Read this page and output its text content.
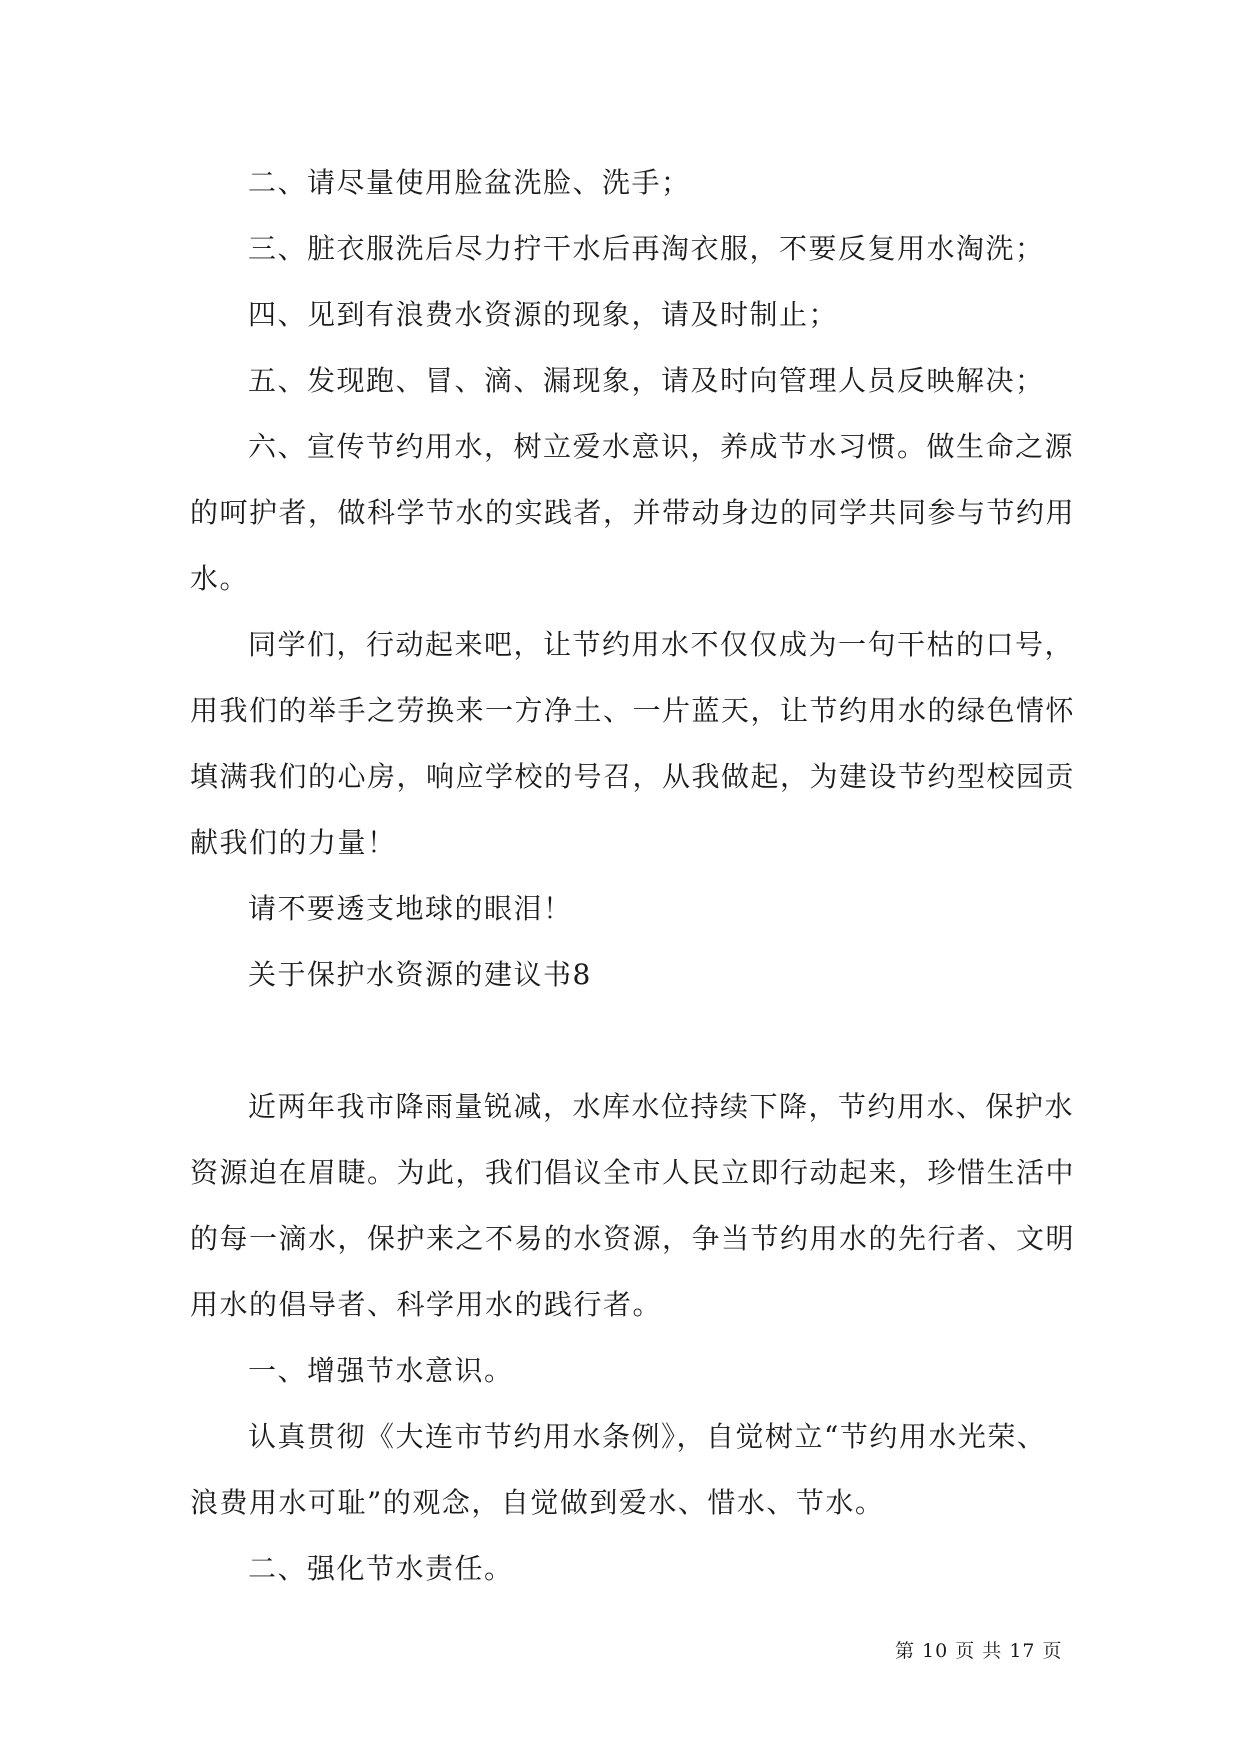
二、请尽量使用脸盆洗脸、洗手；
三、脏衣服洗后尽力拧干水后再淘衣服，不要反复用水淘洗；
四、见到有浪费水资源的现象，请及时制止；
五、发现跑、冒、滴、漏现象，请及时向管理人员反映解决；
六、宣传节约用水，树立爱水意识，养成节水习惯。做生命之源
的呵护者，做科学节水的实践者，并带动身边的同学共同参与节约用
水。
同学们，行动起来吧，让节约用水不仅仅成为一句干枯的口号，
用我们的举手之劳换来一方净土、一片蓝天，让节约用水的绿色情怀
填满我们的心房，响应学校的号召，从我做起，为建设节约型校园贡
献我们的力量！
请不要透支地球的眼泪！
关于保护水资源的建议书8
近两年我市降雨量锐减，水库水位持续下降，节约用水、保护水
资源迫在眉睫。为此，我们倡议全市人民立即行动起来，珍惜生活中
的每一滴水，保护来之不易的水资源，争当节约用水的先行者、文明
用水的倡导者、科学用水的践行者。
一、增强节水意识。
认真贯彻《大连市节约用水条例》，自觉树立“节约用水光荣、
浪费用水可耻”的观念，自觉做到爱水、惜水、节水。
二、强化节水责任。
第 10 页 共 17 页
